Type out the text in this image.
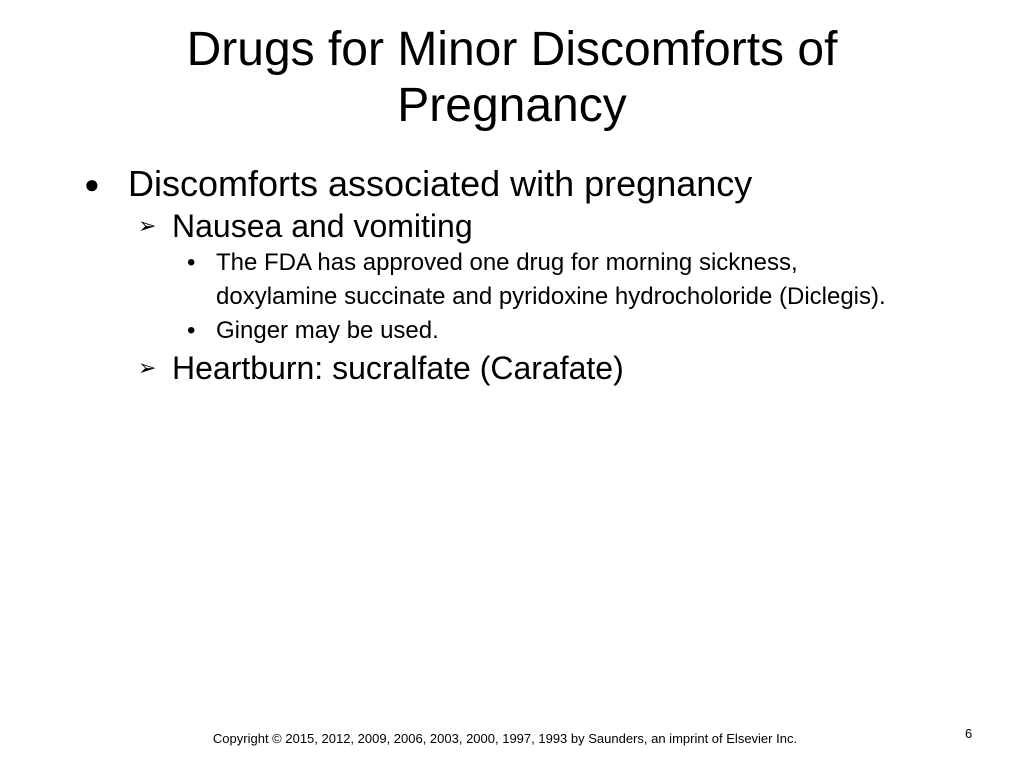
Drugs for Minor Discomforts of Pregnancy
● Discomforts associated with pregnancy
➢ Nausea and vomiting
• The FDA has approved one drug for morning sickness, doxylamine succinate and pyridoxine hydrocholoride (Diclegis).
• Ginger may be used.
➢ Heartburn: sucralfate (Carafate)
Copyright © 2015, 2012, 2009, 2006, 2003, 2000, 1997, 1993 by Saunders, an imprint of Elsevier Inc.	6
